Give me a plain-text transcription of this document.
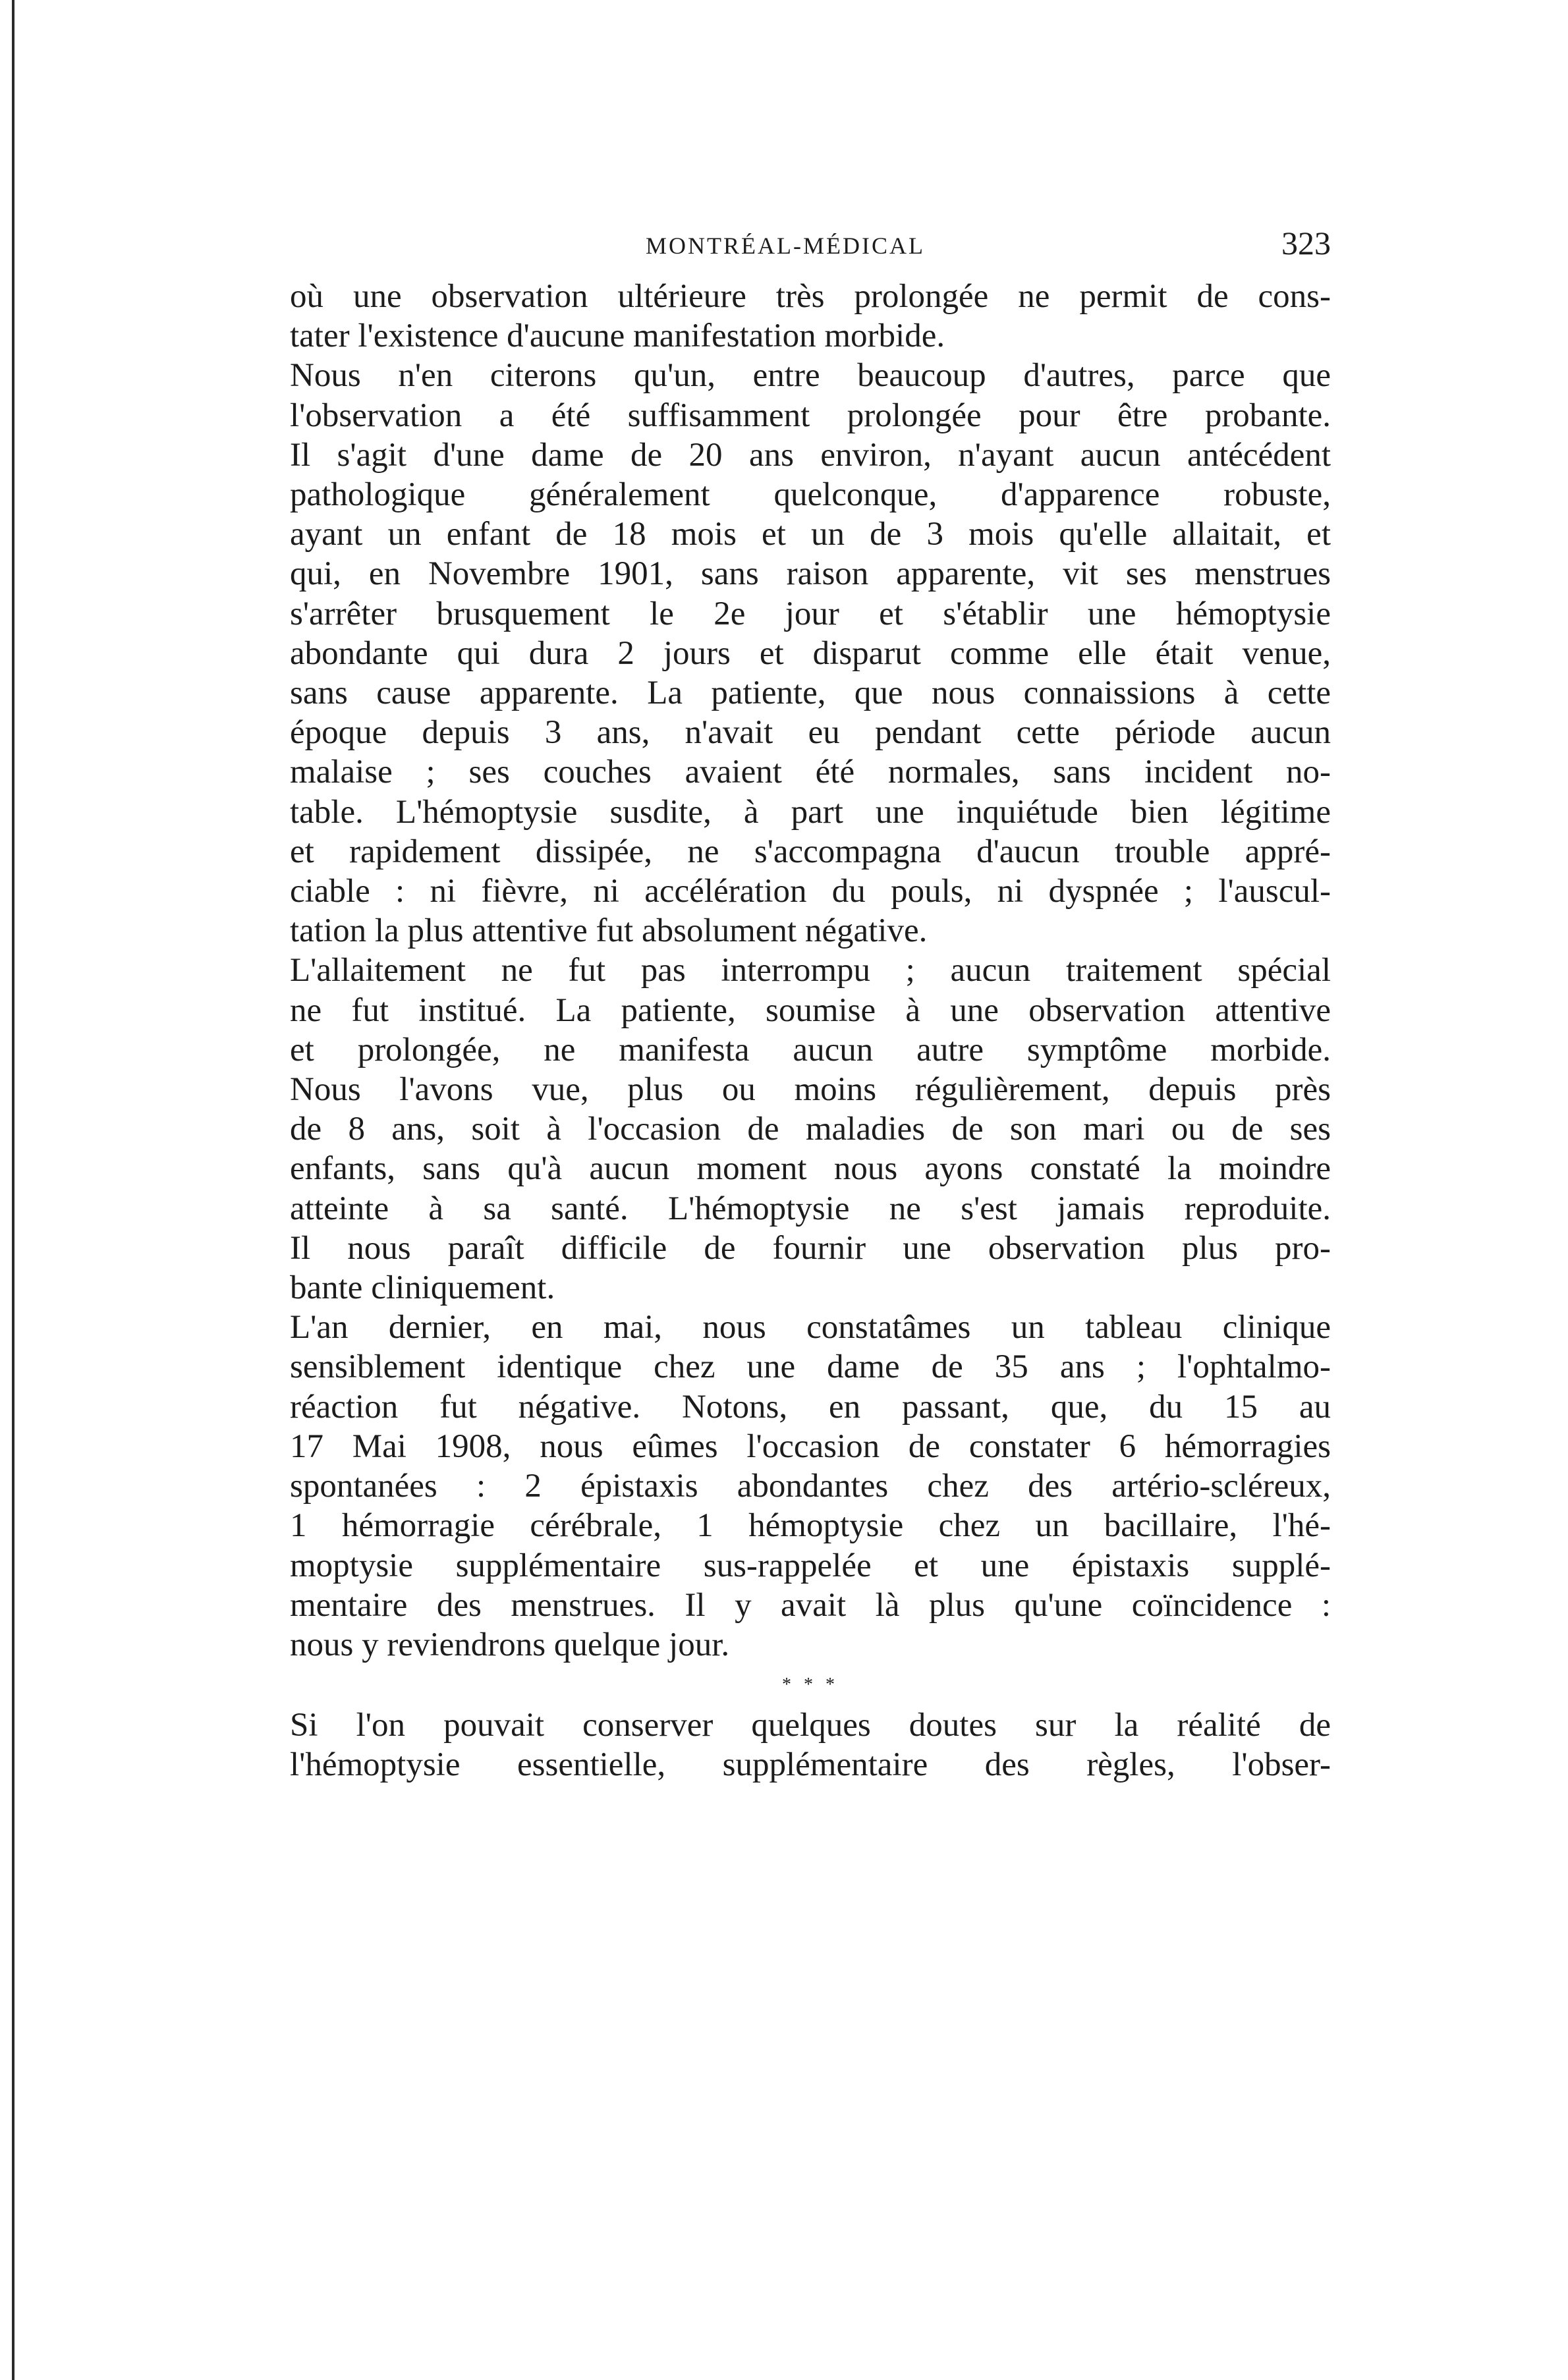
MONTRÉAL-MÉDICAL	323

où une observation ultérieure très prolongée ne permit de cons-
tater l'existence d'aucune manifestation morbide.

Nous n'en citerons qu'un, entre beaucoup d'autres, parce que
l'observation a été suffisamment prolongée pour être probante.
Il s'agit d'une dame de 20 ans environ, n'ayant aucun antécédent
pathologique généralement quelconque, d'apparence robuste,
ayant un enfant de 18 mois et un de 3 mois qu'elle allaitait, et
qui, en Novembre 1901, sans raison apparente, vit ses menstrues
s'arrêter brusquement le 2e jour et s'établir une hémoptysie
abondante qui dura 2 jours et disparut comme elle était venue,
sans cause apparente. La patiente, que nous connaissions à cette
époque depuis 3 ans, n'avait eu pendant cette période aucun
malaise ; ses couches avaient été normales, sans incident no-
table. L'hémoptysie susdite, à part une inquiétude bien légitime
et rapidement dissipée, ne s'accompagna d'aucun trouble appré-
ciable : ni fièvre, ni accélération du pouls, ni dyspnée ; l'auscul-
tation la plus attentive fut absolument négative.

L'allaitement ne fut pas interrompu ; aucun traitement spécial
ne fut institué. La patiente, soumise à une observation attentive
et prolongée, ne manifesta aucun autre symptôme morbide.
Nous l'avons vue, plus ou moins régulièrement, depuis près
de 8 ans, soit à l'occasion de maladies de son mari ou de ses
enfants, sans qu'à aucun moment nous ayons constaté la moindre
atteinte à sa santé. L'hémoptysie ne s'est jamais reproduite.
Il nous paraît difficile de fournir une observation plus pro-
bante cliniquement.

L'an dernier, en mai, nous constatâmes un tableau clinique
sensiblement identique chez une dame de 35 ans ; l'ophtalmo-
réaction fut négative. Notons, en passant, que, du 15 au
17 Mai 1908, nous eûmes l'occasion de constater 6 hémorragies
spontanées : 2 épistaxis abondantes chez des artério-scléreux,
1 hémorragie cérébrale, 1 hémoptysie chez un bacillaire, l'hé-
moptysie supplémentaire sus-rappelée et une épistaxis supplé-
mentaire des menstrues. Il y avait là plus qu'une coïncidence :
nous y reviendrons quelque jour.

* * *

Si l'on pouvait conserver quelques doutes sur la réalité de
l'hémoptysie essentielle, supplémentaire des règles, l'obser-
